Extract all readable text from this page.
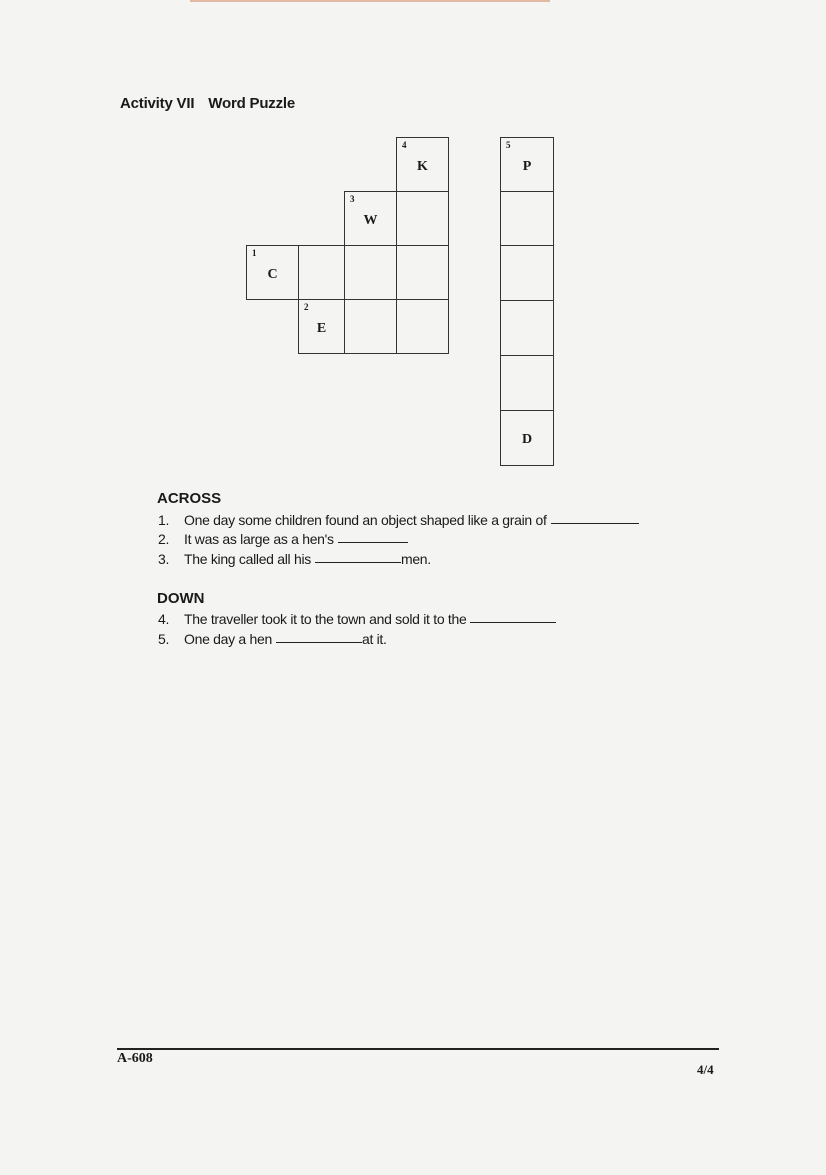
Activity VII Word Puzzle
4
K
5
P
3
W
1
C
2
E
D
ACROSS
1. One day some children found an object shaped like a grain of
2. It was as large as a hen's
3. The king called all his	men.
DOWN
4. The traveller took it to the town and sold it to the
5. One day a hen	at it.
A-608
4/4
